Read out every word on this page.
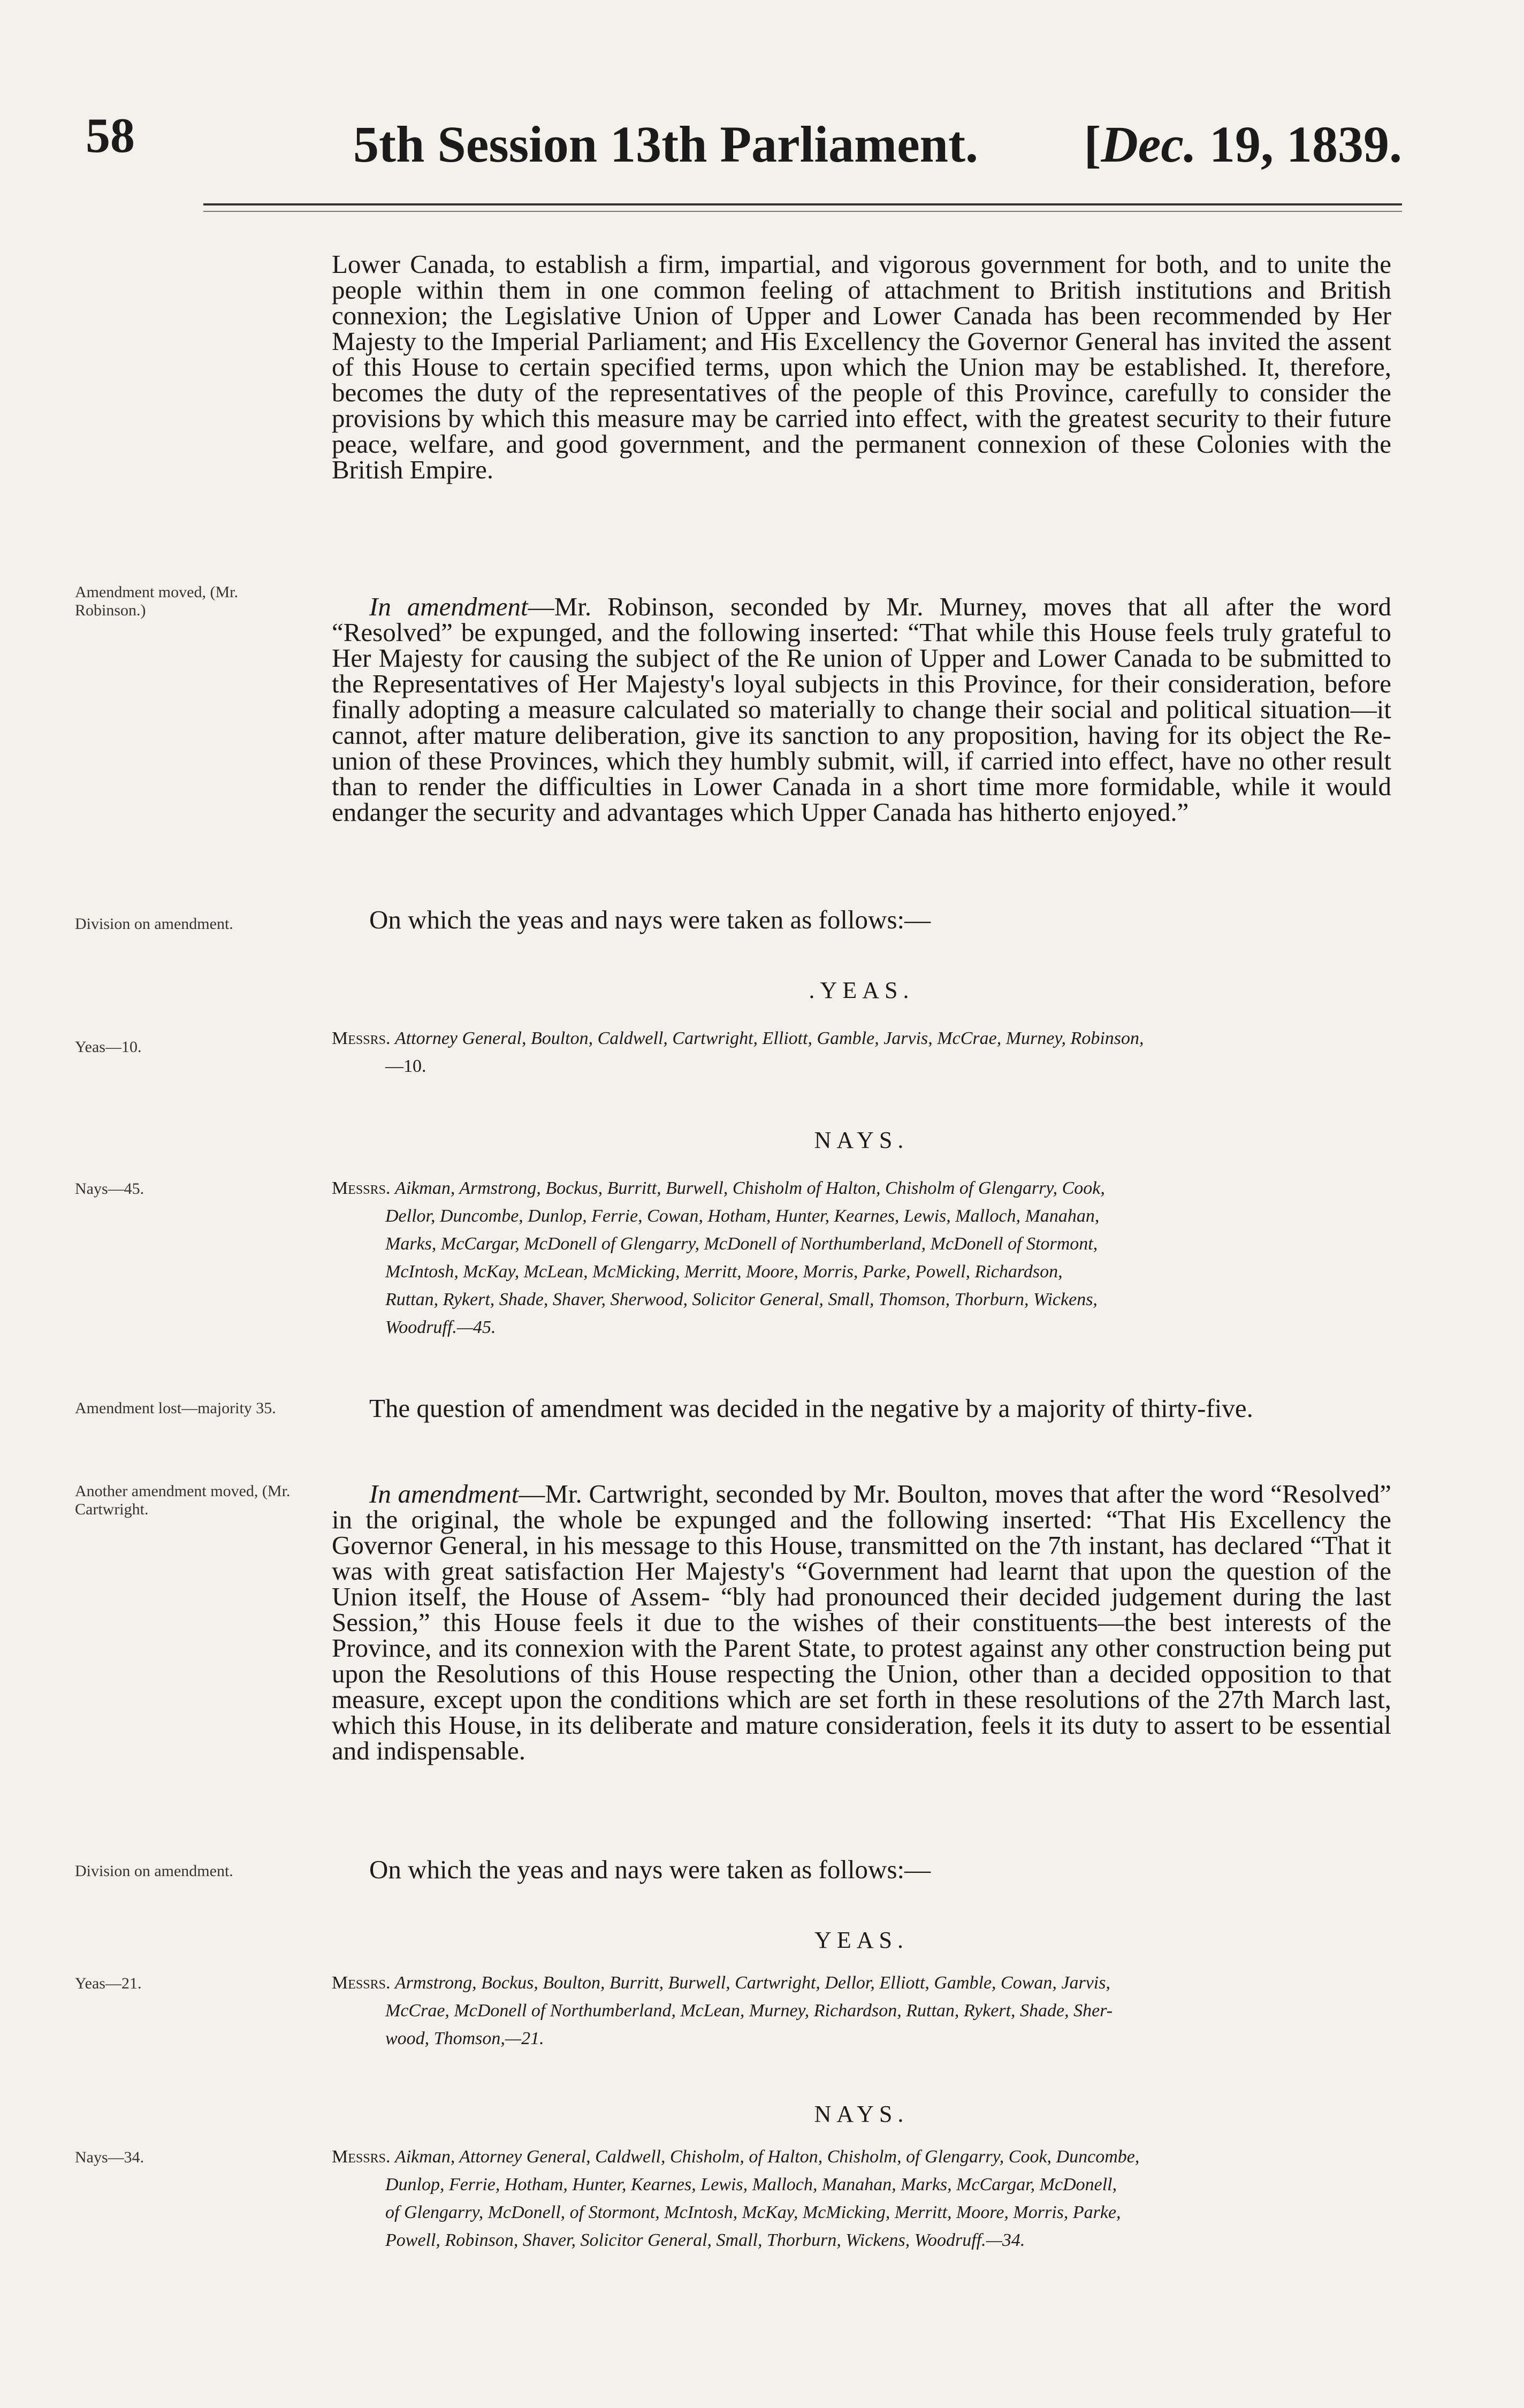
58	5th Session 13th Parliament. [Dec. 19, 1839.

Lower Canada, to establish a firm, impartial, and vigorous government for both, and to unite the people within them in one common feeling of attachment to British institutions and British connexion; the Legislative Union of Upper and Lower Canada has been recommended by Her Majesty to the Imperial Parliament; and His Excellency the Governor General has invited the assent of this House to certain specified terms, upon which the Union may be established. It, therefore, becomes the duty of the representatives of the people of this Province, carefully to consider the provisions by which this measure may be carried into effect, with the greatest security to their future peace, welfare, and good government, and the permanent connexion of these Colonies with the British Empire.

Amendment moved, (Mr. Robinson.)	In amendment—Mr. Robinson, seconded by Mr. Murney, moves that all after the word “Resolved” be expunged, and the following inserted: “That while this House feels truly grateful to Her Majesty for causing the subject of the Re union of Upper and Lower Canada to be submitted to the Representatives of Her Majesty's loyal subjects in this Province, for their consideration, before finally adopting a measure calculated so materially to change their social and political situation—it cannot, after mature deliberation, give its sanction to any proposition, having for its object the Re-union of these Provinces, which they humbly submit, will, if carried into effect, have no other result than to render the difficulties in Lower Canada in a short time more formidable, while it would endanger the security and advantages which Upper Canada has hitherto enjoyed.”

Division on amendment.	On which the yeas and nays were taken as follows:—

.YEAS.
Yeas—10.	Messrs. Attorney General, Boulton, Caldwell, Cartwright, Elliott, Gamble, Jarvis, McCrae, Murney, Robinson,
—10.
NAYS.
Nays—45.	Messrs. Aikman, Armstrong, Bockus, Burritt, Burwell, Chisholm of Halton, Chisholm of Glengarry, Cook,
Dellor, Duncombe, Dunlop, Ferrie, Cowan, Hotham, Hunter, Kearnes, Lewis, Malloch, Manahan,
Marks, McCargar, McDonell of Glengarry, McDonell of Northumberland, McDonell of Stormont,
McIntosh, McKay, McLean, McMicking, Merritt, Moore, Morris, Parke, Powell, Richardson,
Ruttan, Rykert, Shade, Shaver, Sherwood, Solicitor General, Small, Thomson, Thorburn, Wickens,
Woodruff.—45.
Amendment lost—majority 35.	The question of amendment was decided in the negative by a majority of thirty-five.

Another amendment moved, (Mr. Cartwright.

In amendment—Mr. Cartwright, seconded by Mr. Boulton, moves that after the word “Resolved” in the original, the whole be expunged and the following inserted: “That His Excellency the Governor General, in his message to this House, transmitted on the 7th instant, has declared “That it was with great satisfaction Her Majesty's “Government had learnt that upon the question of the Union itself, the House of Assem- “bly had pronounced their decided judgement during the last Session,” this House feels it due to the wishes of their constituents—the best interests of the Province, and its connexion with the Parent State, to protest against any other construction being put upon the Resolutions of this House respecting the Union, other than a decided opposition to that measure, except upon the conditions which are set forth in these resolutions of the 27th March last, which this House, in its deliberate and mature consideration, feels it its duty to assert to be essential and indispensable.

Division on amendment.	On which the yeas and nays were taken as follows:—

YEAS.
Yeas—21.	Messrs. Armstrong, Bockus, Boulton, Burritt, Burwell, Cartwright, Dellor, Elliott, Gamble, Cowan, Jarvis,
McCrae, McDonell of Northumberland, McLean, Murney, Richardson, Ruttan, Rykert, Shade, Sher-
wood, Thomson,—21.
NAYS.
Nays—34.	Messrs. Aikman, Attorney General, Caldwell, Chisholm, of Halton, Chisholm, of Glengarry, Cook, Duncombe,
Dunlop, Ferrie, Hotham, Hunter, Kearnes, Lewis, Malloch, Manahan, Marks, McCargar, McDonell,
of Glengarry, McDonell, of Stormont, McIntosh, McKay, McMicking, Merritt, Moore, Morris, Parke,
Powell, Robinson, Shaver, Solicitor General, Small, Thorburn, Wickens, Woodruff.—34.
